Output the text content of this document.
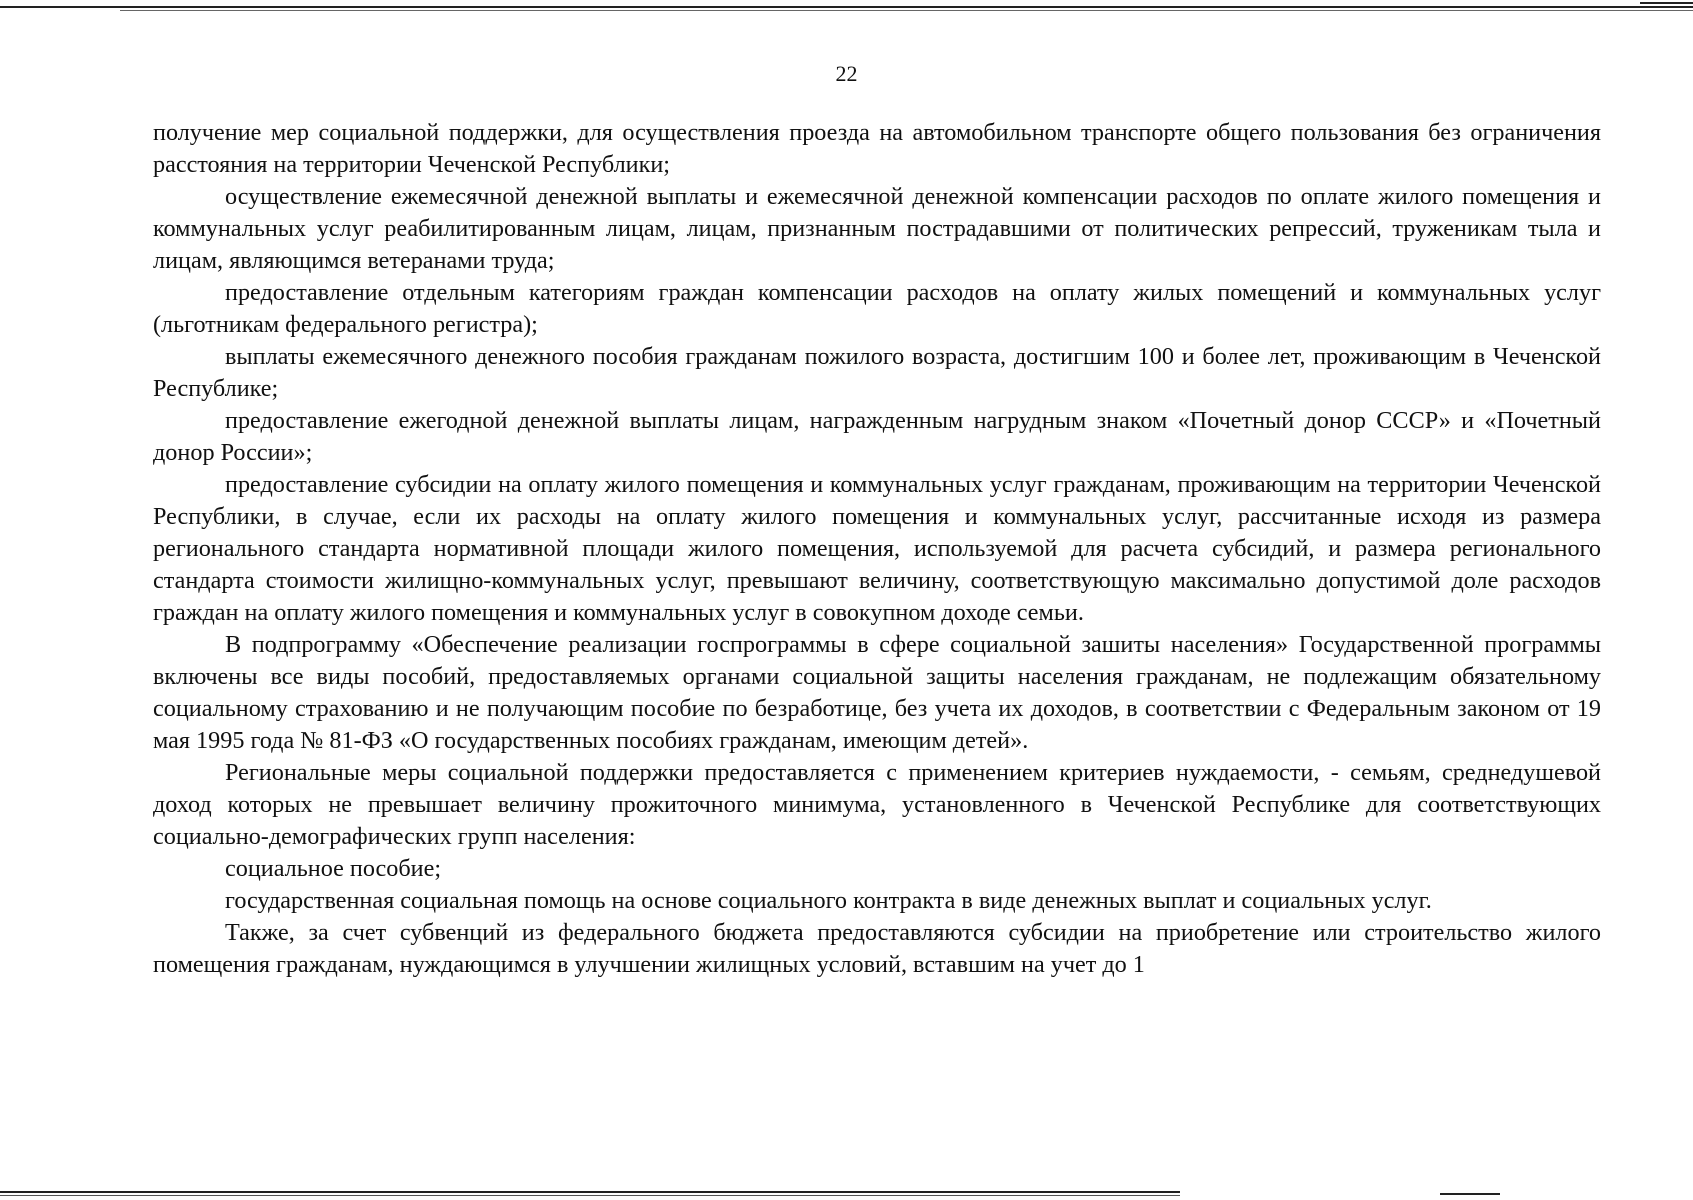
22

получение мер социальной поддержки, для осуществления проезда на автомобильном транспорте общего пользования без ограничения расстояния на территории Чеченской Республики;

осуществление ежемесячной денежной выплаты и ежемесячной денежной компенсации расходов по оплате жилого помещения и коммунальных услуг реабилитированным лицам, лицам, признанным пострадавшими от политических репрессий, труженикам тыла и лицам, являющимся ветеранами труда;

предоставление отдельным категориям граждан компенсации расходов на оплату жилых помещений и коммунальных услуг (льготникам федерального регистра);

выплаты ежемесячного денежного пособия гражданам пожилого возраста, достигшим 100 и более лет, проживающим в Чеченской Республике;

предоставление ежегодной денежной выплаты лицам, награжденным нагрудным знаком «Почетный донор СССР» и «Почетный донор России»;

предоставление субсидии на оплату жилого помещения и коммунальных услуг гражданам, проживающим на территории Чеченской Республики, в случае, если их расходы на оплату жилого помещения и коммунальных услуг, рассчитанные исходя из размера регионального стандарта нормативной площади жилого помещения, используемой для расчета субсидий, и размера регионального стандарта стоимости жилищно-коммунальных услуг, превышают величину, соответствующую максимально допустимой доле расходов граждан на оплату жилого помещения и коммунальных услуг в совокупном доходе семьи.

В подпрограмму «Обеспечение реализации госпрограммы в сфере социальной зашиты населения» Государственной программы включены все виды пособий, предоставляемых органами социальной защиты населения гражданам, не подлежащим обязательному социальному страхованию и не получающим пособие по безработице, без учета их доходов, в соответствии с Федеральным законом от 19 мая 1995 года № 81-ФЗ «О государственных пособиях гражданам, имеющим детей».

Региональные меры социальной поддержки предоставляется с применением критериев нуждаемости, - семьям, среднедушевой доход которых не превышает величину прожиточного минимума, установленного в Чеченской Республике для соответствующих социально-демографических групп населения:

социальное пособие;

государственная социальная помощь на основе социального контракта в виде денежных выплат и социальных услуг.

Также, за счет субвенций из федерального бюджета предоставляются субсидии на приобретение или строительство жилого помещения гражданам, нуждающимся в улучшении жилищных условий, вставшим на учет до 1
